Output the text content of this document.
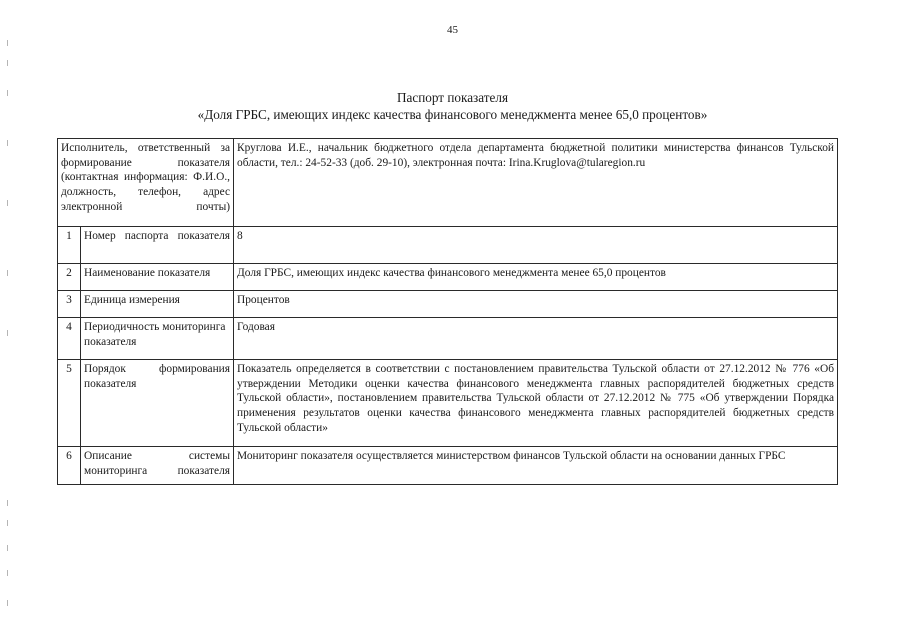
45
Паспорт показателя
«Доля ГРБС, имеющих индекс качества финансового менеджмента менее 65,0 процентов»
Исполнитель, ответственный за формирование показателя (контактная информация: Ф.И.О., должность, телефон, адрес электронной почты)		Круглова И.Е., начальник бюджетного отдела департамента бюджетной политики министерства финансов Тульской области, тел.: 24-52-33 (доб. 29-10), электронная почта: Irina.Kruglova@tularegion.ru
1	Номер паспорта показателя	8
2	Наименование показателя	Доля ГРБС, имеющих индекс качества финансового менеджмента менее 65,0 процентов
3	Единица измерения	Процентов
4	Периодичность мониторинга показателя	Годовая
5	Порядок формирования показателя	Показатель определяется в соответствии с постановлением правительства Тульской области от 27.12.2012 № 776 «Об утверждении Методики оценки качества финансового менеджмента главных распорядителей бюджетных средств Тульской области», постановлением правительства Тульской области от 27.12.2012 № 775 «Об утверждении Порядка применения результатов оценки качества финансового менеджмента главных распорядителей бюджетных средств Тульской области»
6	Описание системы мониторинга показателя	Мониторинг показателя осуществляется министерством финансов Тульской области на основании данных ГРБС
